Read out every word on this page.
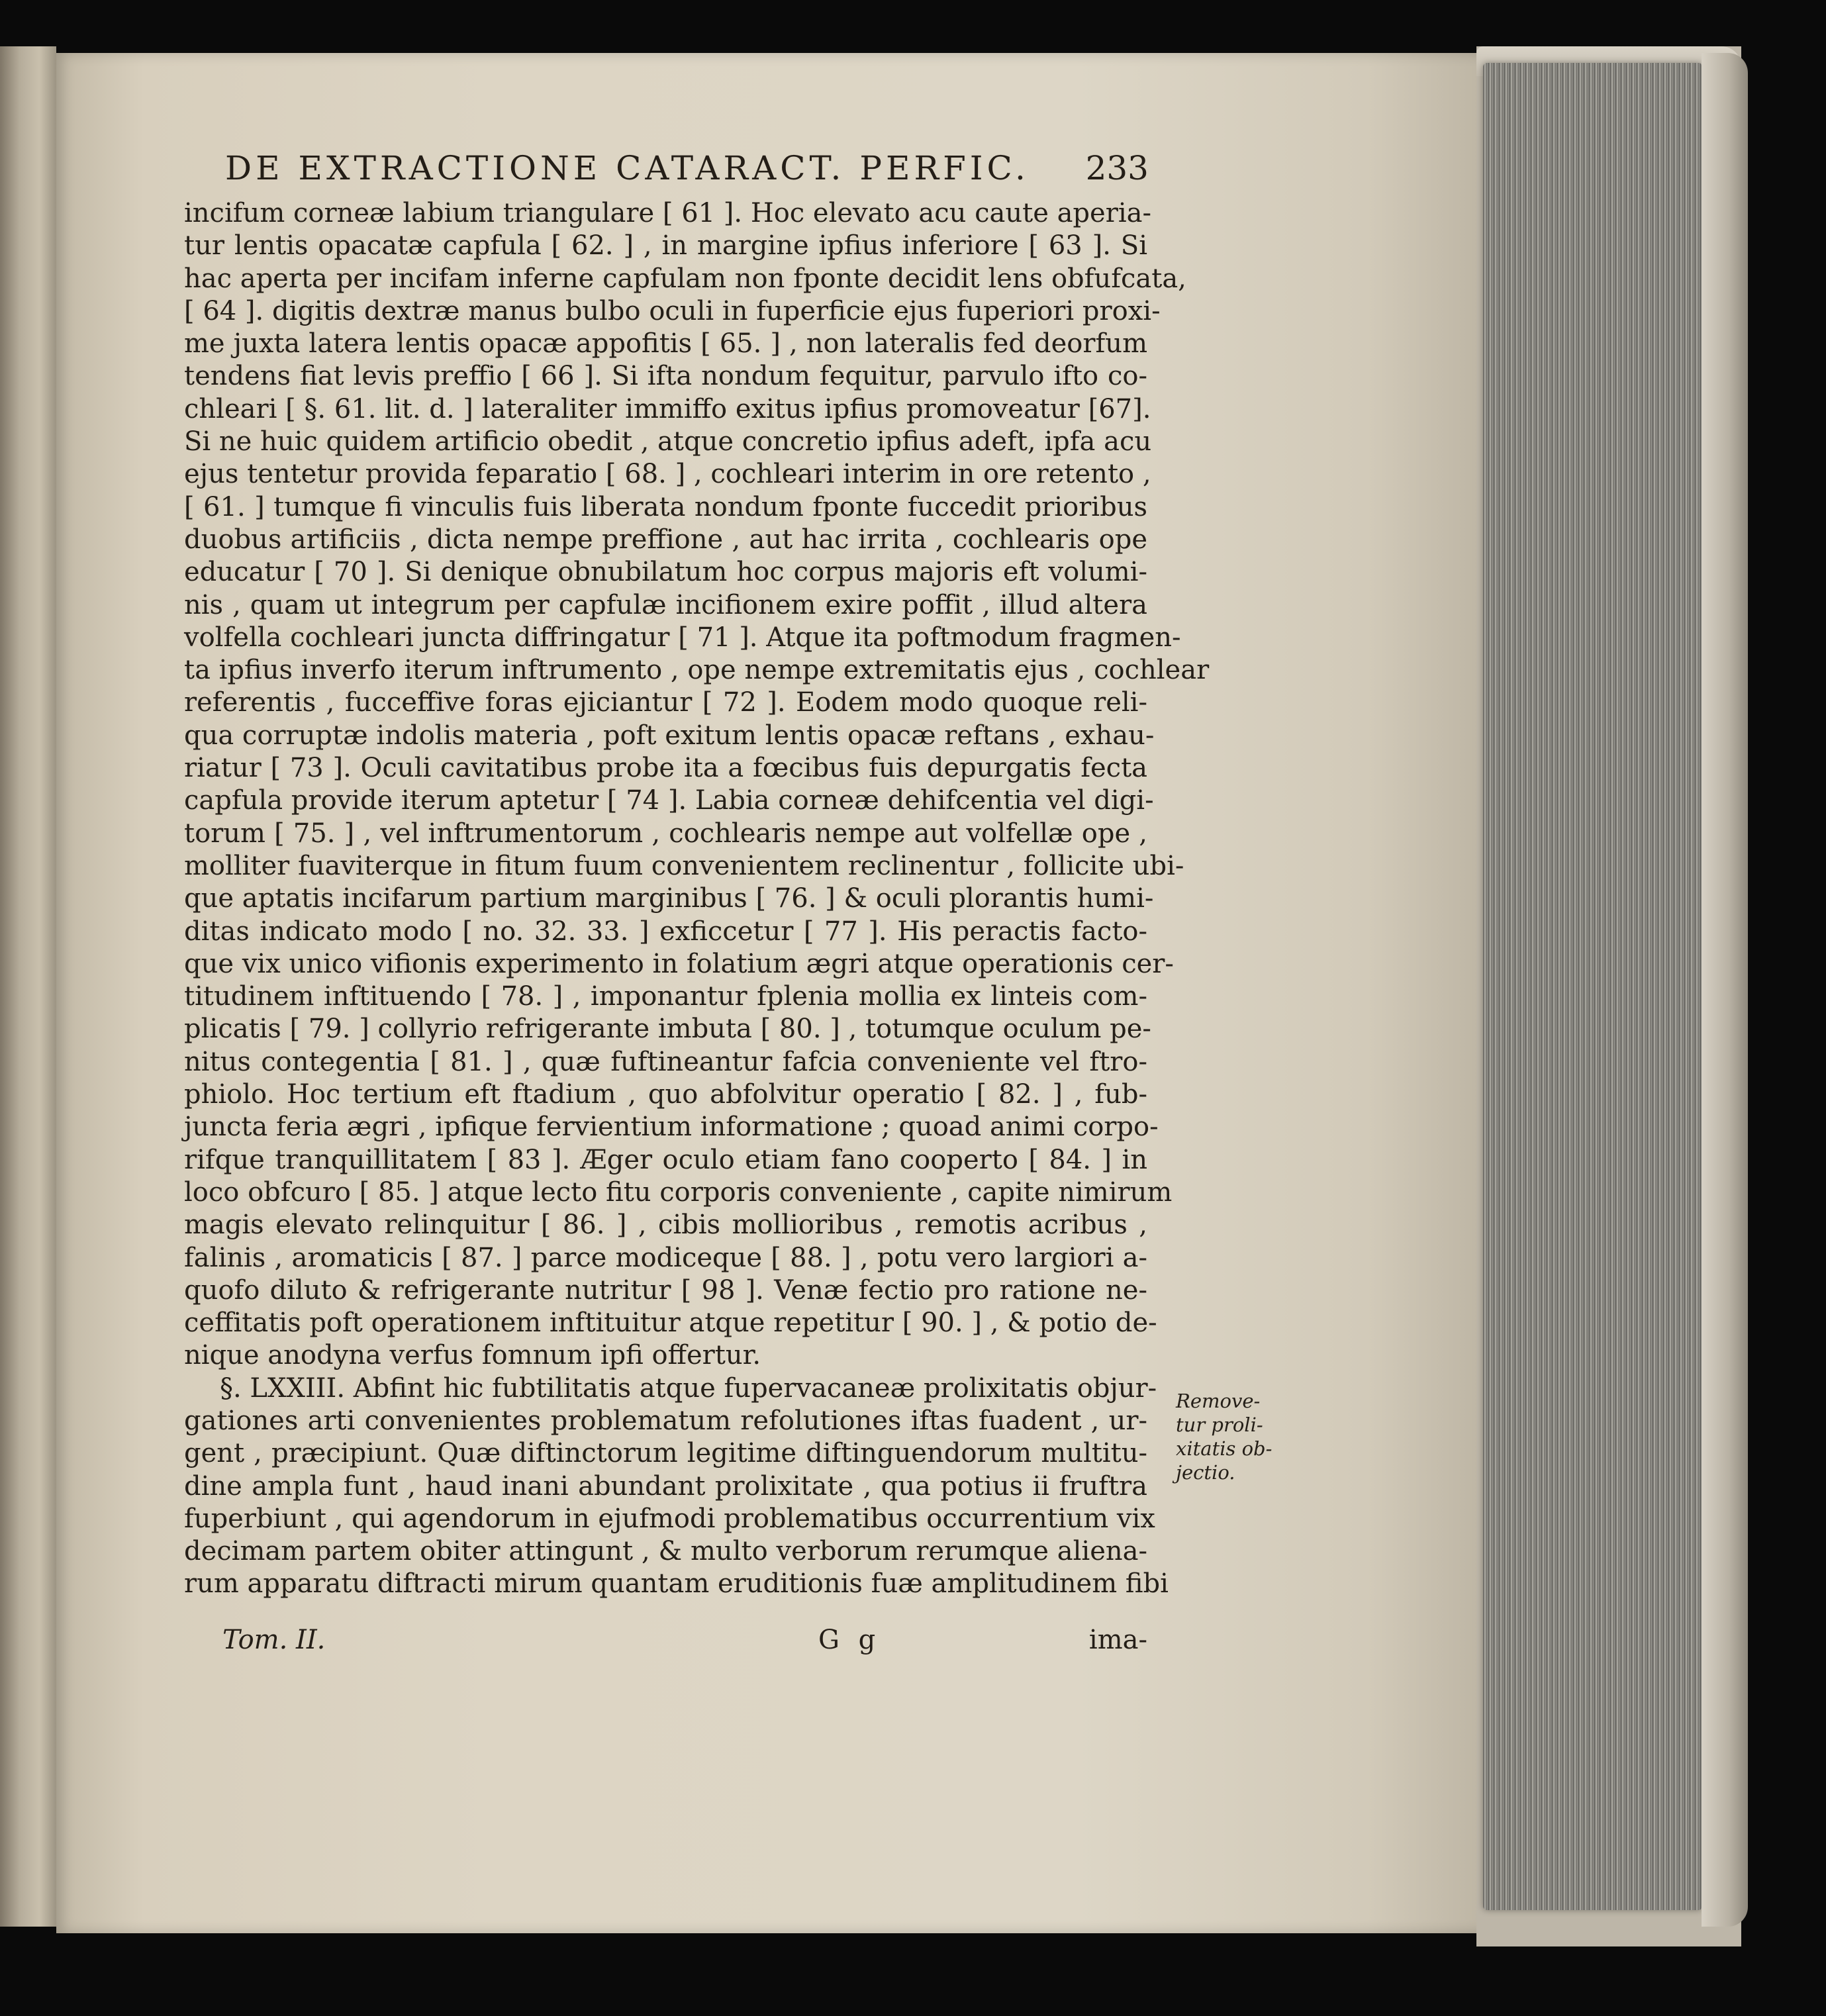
DE EXTRACTIONE CATARACT. PERFIC. 233
incifum corneæ labium triangulare [ 61 ]. Hoc elevato acu caute aperia-
tur lentis opacatæ capfula [ 62. ] , in margine ipfius inferiore [ 63 ]. Si
hac aperta per incifam inferne capfulam non fponte decidit lens obfufcata,
[ 64 ]. digitis dextræ manus bulbo oculi in fuperficie ejus fuperiori proxi-
me juxta latera lentis opacæ appofitis [ 65. ] , non lateralis fed deorfum
tendens fiat levis preffio [ 66 ]. Si ifta nondum fequitur, parvulo ifto co-
chleari [ §. 61. lit. d. ] lateraliter immiffo exitus ipfius promoveatur [67].
Si ne huic quidem artificio obedit , atque concretio ipfius adeft, ipfa acu
ejus tentetur provida feparatio [ 68. ] , cochleari interim in ore retento ,
[ 61. ] tumque fi vinculis fuis liberata nondum fponte fuccedit prioribus
duobus artificiis , dicta nempe preffione , aut hac irrita , cochlearis ope
educatur [ 70 ]. Si denique obnubilatum hoc corpus majoris eft volumi-
nis , quam ut integrum per capfulæ incifionem exire poffit , illud altera
volfella cochleari juncta diffringatur [ 71 ]. Atque ita poftmodum fragmen-
ta ipfius inverfo iterum inftrumento , ope nempe extremitatis ejus , cochlear
referentis , fucceffive foras ejiciantur [ 72 ]. Eodem modo quoque reli-
qua corruptæ indolis materia , poft exitum lentis opacæ reftans , exhau-
riatur [ 73 ]. Oculi cavitatibus probe ita a fœcibus fuis depurgatis fecta
capfula provide iterum aptetur [ 74 ]. Labia corneæ dehifcentia vel digi-
torum [ 75. ] , vel inftrumentorum , cochlearis nempe aut volfellæ ope ,
molliter fuaviterque in fitum fuum convenientem reclinentur , follicite ubi-
que aptatis incifarum partium marginibus [ 76. ] & oculi plorantis humi-
ditas indicato modo [ no. 32. 33. ] exficcetur [ 77 ]. His peractis facto-
que vix unico vifionis experimento in folatium ægri atque operationis cer-
titudinem inftituendo [ 78. ] , imponantur fplenia mollia ex linteis com-
plicatis [ 79. ] collyrio refrigerante imbuta [ 80. ] , totumque oculum pe-
nitus contegentia [ 81. ] , quæ fuftineantur fafcia conveniente vel ftro-
phiolo. Hoc tertium eft ftadium , quo abfolvitur operatio [ 82. ] , fub-
juncta feria ægri , ipfique fervientium informatione ; quoad animi corpo-
rifque tranquillitatem [ 83 ]. Æger oculo etiam fano cooperto [ 84. ] in
loco obfcuro [ 85. ] atque lecto fitu corporis conveniente , capite nimirum
magis elevato relinquitur [ 86. ] , cibis mollioribus , remotis acribus ,
falinis , aromaticis [ 87. ] parce modiceque [ 88. ] , potu vero largiori a-
quofo diluto & refrigerante nutritur [ 98 ]. Venæ fectio pro ratione ne-
ceffitatis poft operationem inftituitur atque repetitur [ 90. ] , & potio de-
nique anodyna verfus fomnum ipfi offertur.
§. LXXIII. Abfint hic fubtilitatis atque fupervacaneæ prolixitatis objur-
gationes arti convenientes problematum refolutiones iftas fuadent , ur-
gent , præcipiunt. Quæ diftinctorum legitime diftinguendorum multitu-
dine ampla funt , haud inani abundant prolixitate , qua potius ii fruftra
fuperbiunt , qui agendorum in ejufmodi problematibus occurrentium vix
decimam partem obiter attingunt , & multo verborum rerumque aliena-
rum apparatu diftracti mirum quantam eruditionis fuæ amplitudinem fibi
Remove-
tur proli-
xitatis ob-
jectio.
Tom. II.	G g	ima-
